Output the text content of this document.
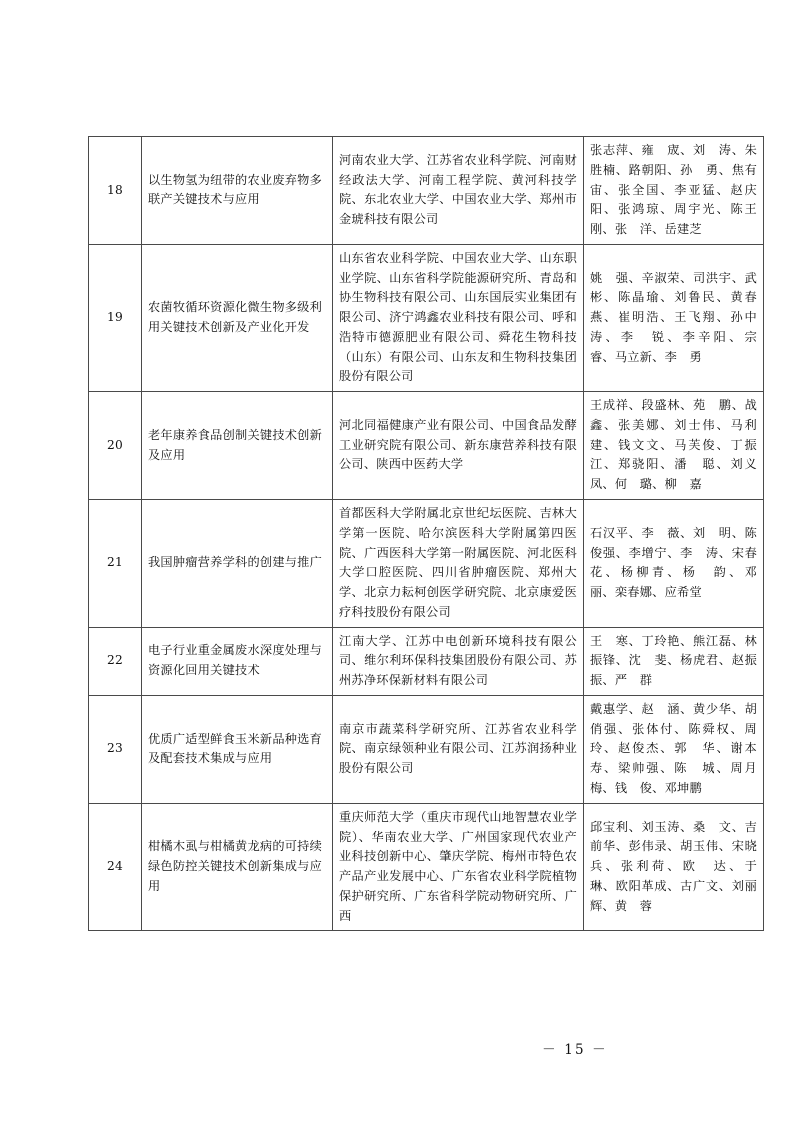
18	以生物氢为纽带的农业废弃物多联产关键技术与应用	河南农业大学、江苏省农业科学院、河南财经政法大学、河南工程学院、黄河科技学院、东北农业大学、中国农业大学、郑州市金琥科技有限公司	张志萍、雍　宬、刘　涛、朱胜楠、路朝阳、孙　勇、焦有宙、张全国、李亚猛、赵庆阳、张鸿琼、周宇光、陈王刚、张　洋、岳建芝
19	农菌牧循环资源化微生物多级利用关键技术创新及产业化开发	山东省农业科学院、中国农业大学、山东职业学院、山东省科学院能源研究所、青岛和协生物科技有限公司、山东国辰实业集团有限公司、济宁鸿鑫农业科技有限公司、呼和浩特市德源肥业有限公司、舜花生物科技（山东）有限公司、山东友和生物科技集团股份有限公司	姚　强、辛淑荣、司洪宇、武　彬、陈晶瑜、刘鲁民、黄春燕、崔明浩、王飞翔、孙中涛、李　锐、李辛阳、宗　睿、马立新、李　勇
20	老年康养食品创制关键技术创新及应用	河北同福健康产业有限公司、中国食品发酵工业研究院有限公司、新东康营养科技有限公司、陕西中医药大学	王成祥、段盛林、苑　鹏、战　鑫、张美娜、刘士伟、马利建、钱文文、马芙俊、丁振江、郑骁阳、潘　聪、刘义凤、何　璐、柳　嘉
21	我国肿瘤营养学科的创建与推广	首都医科大学附属北京世纪坛医院、吉林大学第一医院、哈尔滨医科大学附属第四医院、广西医科大学第一附属医院、河北医科大学口腔医院、四川省肿瘤医院、郑州大学、北京力耘柯创医学研究院、北京康爱医疗科技股份有限公司	石汉平、李　薇、刘　明、陈俊强、李增宁、李　涛、宋春花、杨柳青、杨　韵、邓　丽、栾春娜、应希堂
22	电子行业重金属废水深度处理与资源化回用关键技术	江南大学、江苏中电创新环境科技有限公司、维尔利环保科技集团股份有限公司、苏州苏净环保新材料有限公司	王　寒、丁玲艳、熊江磊、林振锋、沈　斐、杨虎君、赵振振、严　群
23	优质广适型鲜食玉米新品种选育及配套技术集成与应用	南京市蔬菜科学研究所、江苏省农业科学院、南京绿领种业有限公司、江苏润扬种业股份有限公司	戴惠学、赵　涵、黄少华、胡俏强、张体付、陈舜权、周　玲、赵俊杰、郭　华、谢本寿、梁帅强、陈　城、周月梅、钱　俊、邓坤鹏
24	柑橘木虱与柑橘黄龙病的可持续绿色防控关键技术创新集成与应用	重庆师范大学（重庆市现代山地智慧农业学院）、华南农业大学、广州国家现代农业产业科技创新中心、肇庆学院、梅州市特色农产品产业发展中心、广东省农业科学院植物保护研究所、广东省科学院动物研究所、广西	邱宝利、刘玉涛、桑　文、吉前华、彭伟录、胡玉伟、宋晓兵、张利荷、欧　达、于　琳、欧阳革成、古广文、刘丽辉、黄　蓉
－ 15 －
